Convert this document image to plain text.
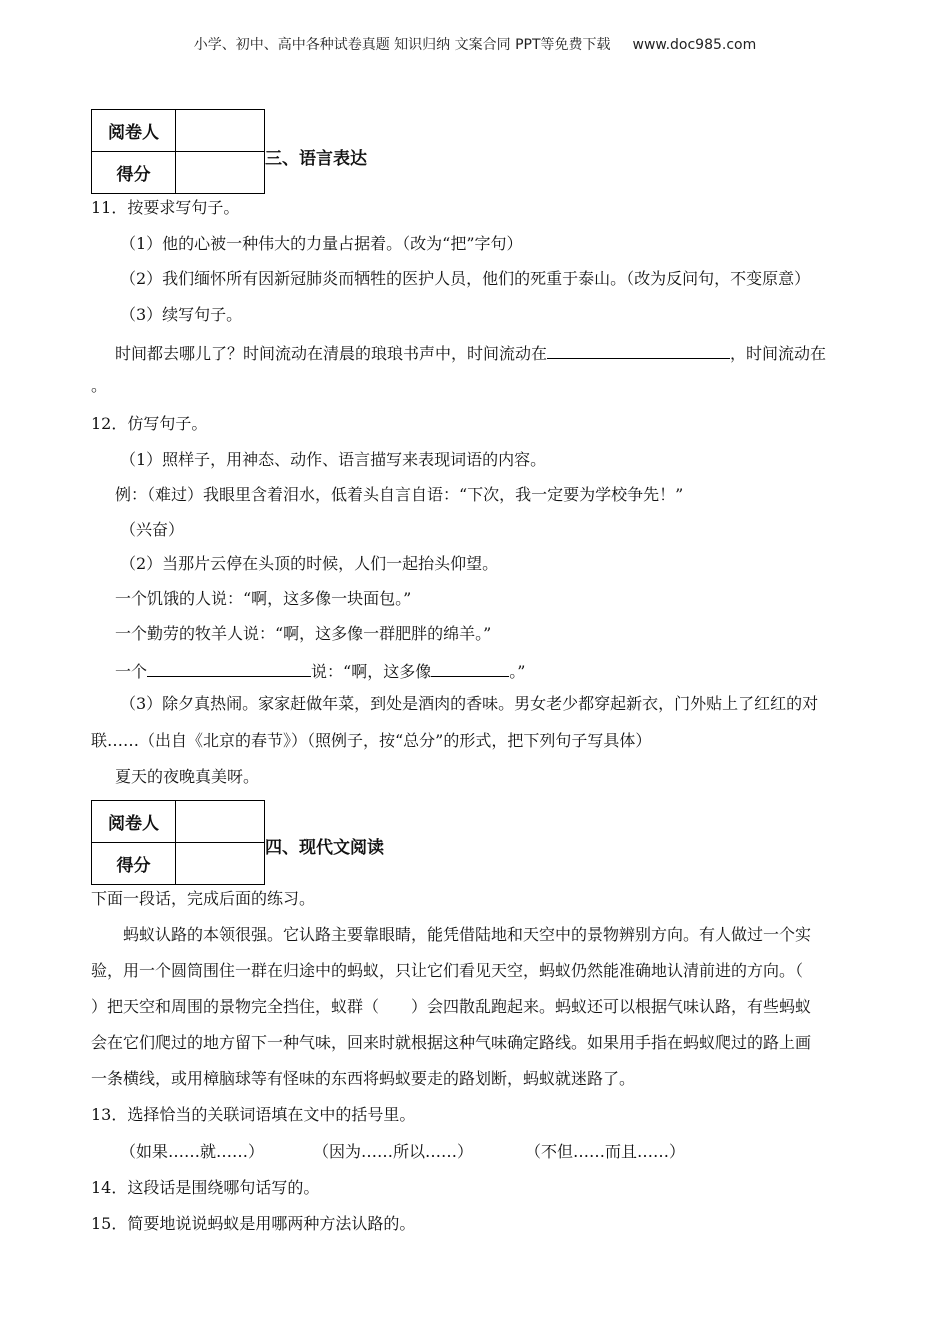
小学、初中、高中各种试卷真题 知识归纳 文案合同 PPT等免费下载 www.doc985.com
阅卷人	
得分	
三、语言表达
11．按要求写句子。
（1）他的心被一种伟大的力量占据着。（改为“把”字句）
（2）我们缅怀所有因新冠肺炎而牺牲的医护人员，他们的死重于泰山。（改为反问句，不变原意）
（3）续写句子。
时间都去哪儿了？时间流动在清晨的琅琅书声中，时间流动在	，时间流动在
。
12．仿写句子。
（1）照样子，用神态、动作、语言描写来表现词语的内容。
例：（难过）我眼里含着泪水，低着头自言自语：“下次，我一定要为学校争先！”
（兴奋）
（2）当那片云停在头顶的时候，人们一起抬头仰望。
一个饥饿的人说：“啊，这多像一块面包。”
一个勤劳的牧羊人说：“啊，这多像一群肥胖的绵羊。”
一个	说：“啊，这多像	。”
（3）除夕真热闹。家家赶做年菜，到处是酒肉的香味。男女老少都穿起新衣，门外贴上了红红的对
联……（出自《北京的春节》）（照例子，按“总分”的形式，把下列句子写具体）
夏天的夜晚真美呀。
阅卷人	
得分	
四、现代文阅读
下面一段话，完成后面的练习。
蚂蚁认路的本领很强。它认路主要靠眼睛，能凭借陆地和天空中的景物辨别方向。有人做过一个实
验，用一个圆筒围住一群在归途中的蚂蚁，只让它们看见天空，蚂蚁仍然能准确地认清前进的方向。（
）把天空和周围的景物完全挡住，蚁群（　　）会四散乱跑起来。蚂蚁还可以根据气味认路，有些蚂蚁
会在它们爬过的地方留下一种气味，回来时就根据这种气味确定路线。如果用手指在蚂蚁爬过的路上画
一条横线，或用樟脑球等有怪味的东西将蚂蚁要走的路划断，蚂蚁就迷路了。
13．选择恰当的关联词语填在文中的括号里。
（如果……就……）	（因为……所以……）	（不但……而且……）
14．这段话是围绕哪句话写的。
15．简要地说说蚂蚁是用哪两种方法认路的。
